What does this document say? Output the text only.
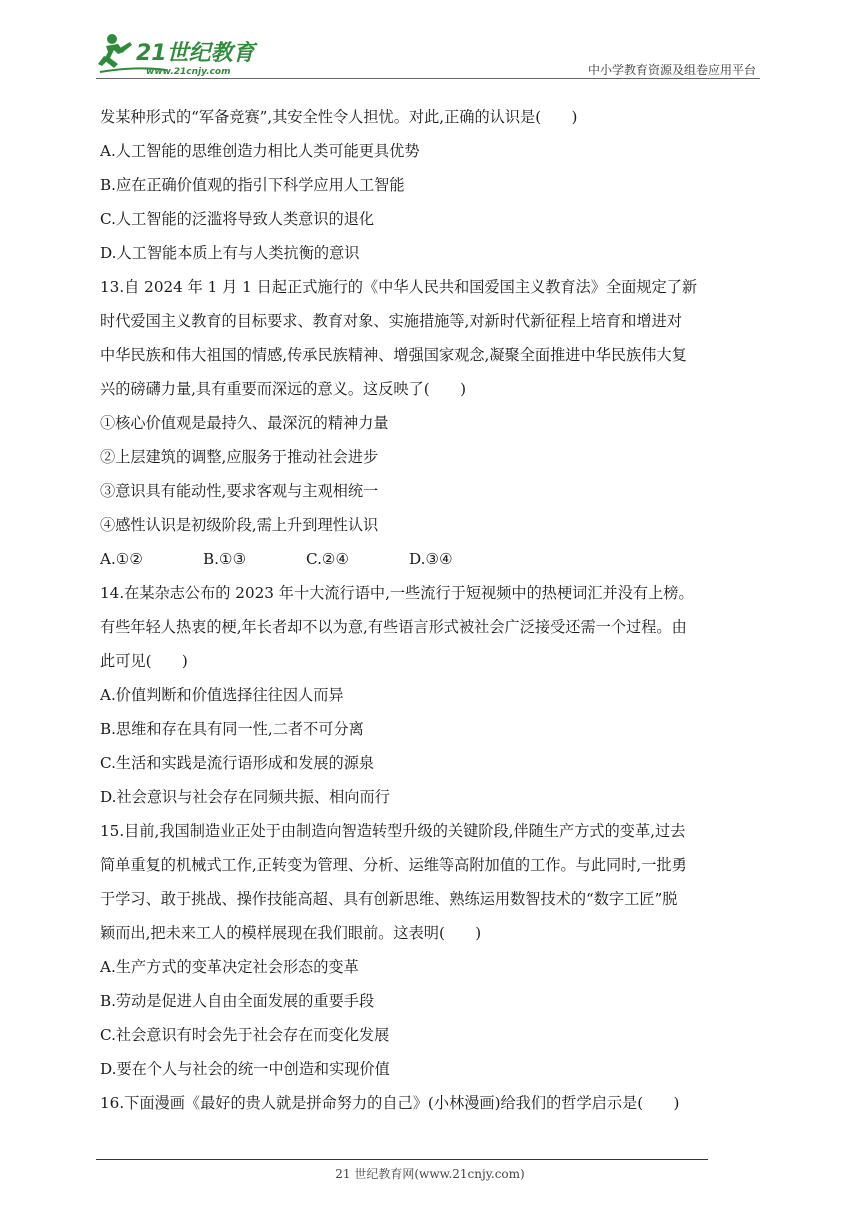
21世纪教育
www.21cnjy.com	中小学教育资源及组卷应用平台
发某种形式的“军备竞赛”,其安全性令人担忧。对此,正确的认识是(　　)
A.人工智能的思维创造力相比人类可能更具优势
B.应在正确价值观的指引下科学应用人工智能
C.人工智能的泛滥将导致人类意识的退化
D.人工智能本质上有与人类抗衡的意识
13.自 2024 年 1 月 1 日起正式施行的《中华人民共和国爱国主义教育法》全面规定了新
时代爱国主义教育的目标要求、教育对象、实施措施等,对新时代新征程上培育和增进对
中华民族和伟大祖国的情感,传承民族精神、增强国家观念,凝聚全面推进中华民族伟大复
兴的磅礴力量,具有重要而深远的意义。这反映了(　　)
①核心价值观是最持久、最深沉的精神力量
②上层建筑的调整,应服务于推动社会进步
③意识具有能动性,要求客观与主观相统一
④感性认识是初级阶段,需上升到理性认识
A.①②	B.①③	C.②④	D.③④
14.在某杂志公布的 2023 年十大流行语中,一些流行于短视频中的热梗词汇并没有上榜。
有些年轻人热衷的梗,年长者却不以为意,有些语言形式被社会广泛接受还需一个过程。由
此可见(　　)
A.价值判断和价值选择往往因人而异
B.思维和存在具有同一性,二者不可分离
C.生活和实践是流行语形成和发展的源泉
D.社会意识与社会存在同频共振、相向而行
15.目前,我国制造业正处于由制造向智造转型升级的关键阶段,伴随生产方式的变革,过去
简单重复的机械式工作,正转变为管理、分析、运维等高附加值的工作。与此同时,一批勇
于学习、敢于挑战、操作技能高超、具有创新思维、熟练运用数智技术的“数字工匠”脱
颖而出,把未来工人的模样展现在我们眼前。这表明(　　)
A.生产方式的变革决定社会形态的变革
B.劳动是促进人自由全面发展的重要手段
C.社会意识有时会先于社会存在而变化发展
D.要在个人与社会的统一中创造和实现价值
16.下面漫画《最好的贵人就是拼命努力的自己》(小林漫画)给我们的哲学启示是(　　)
21 世纪教育网(www.21cnjy.com)
